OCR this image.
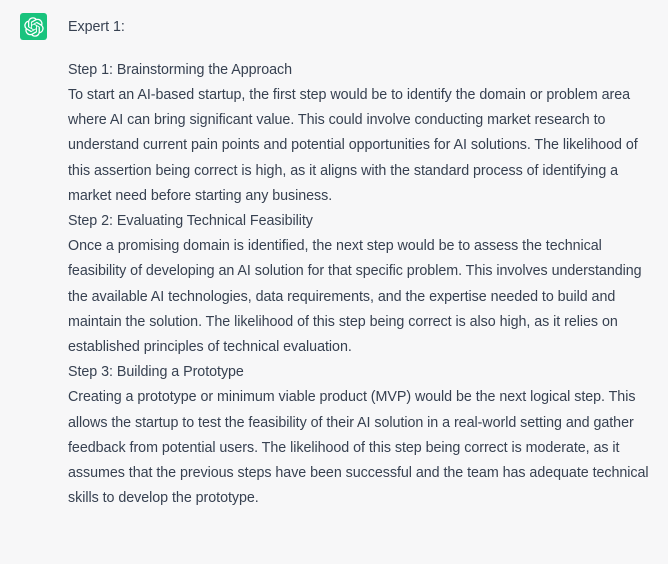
Expert 1:

Step 1: Brainstorming the Approach
To start an AI-based startup, the first step would be to identify the domain or problem area
where AI can bring significant value. This could involve conducting market research to
understand current pain points and potential opportunities for AI solutions. The likelihood of
this assertion being correct is high, as it aligns with the standard process of identifying a
market need before starting any business.

Step 2: Evaluating Technical Feasibility
Once a promising domain is identified, the next step would be to assess the technical
feasibility of developing an AI solution for that specific problem. This involves understanding
the available AI technologies, data requirements, and the expertise needed to build and
maintain the solution. The likelihood of this step being correct is also high, as it relies on
established principles of technical evaluation.

Step 3: Building a Prototype
Creating a prototype or minimum viable product (MVP) would be the next logical step. This
allows the startup to test the feasibility of their AI solution in a real-world setting and gather
feedback from potential users. The likelihood of this step being correct is moderate, as it
assumes that the previous steps have been successful and the team has adequate technical
skills to develop the prototype.
